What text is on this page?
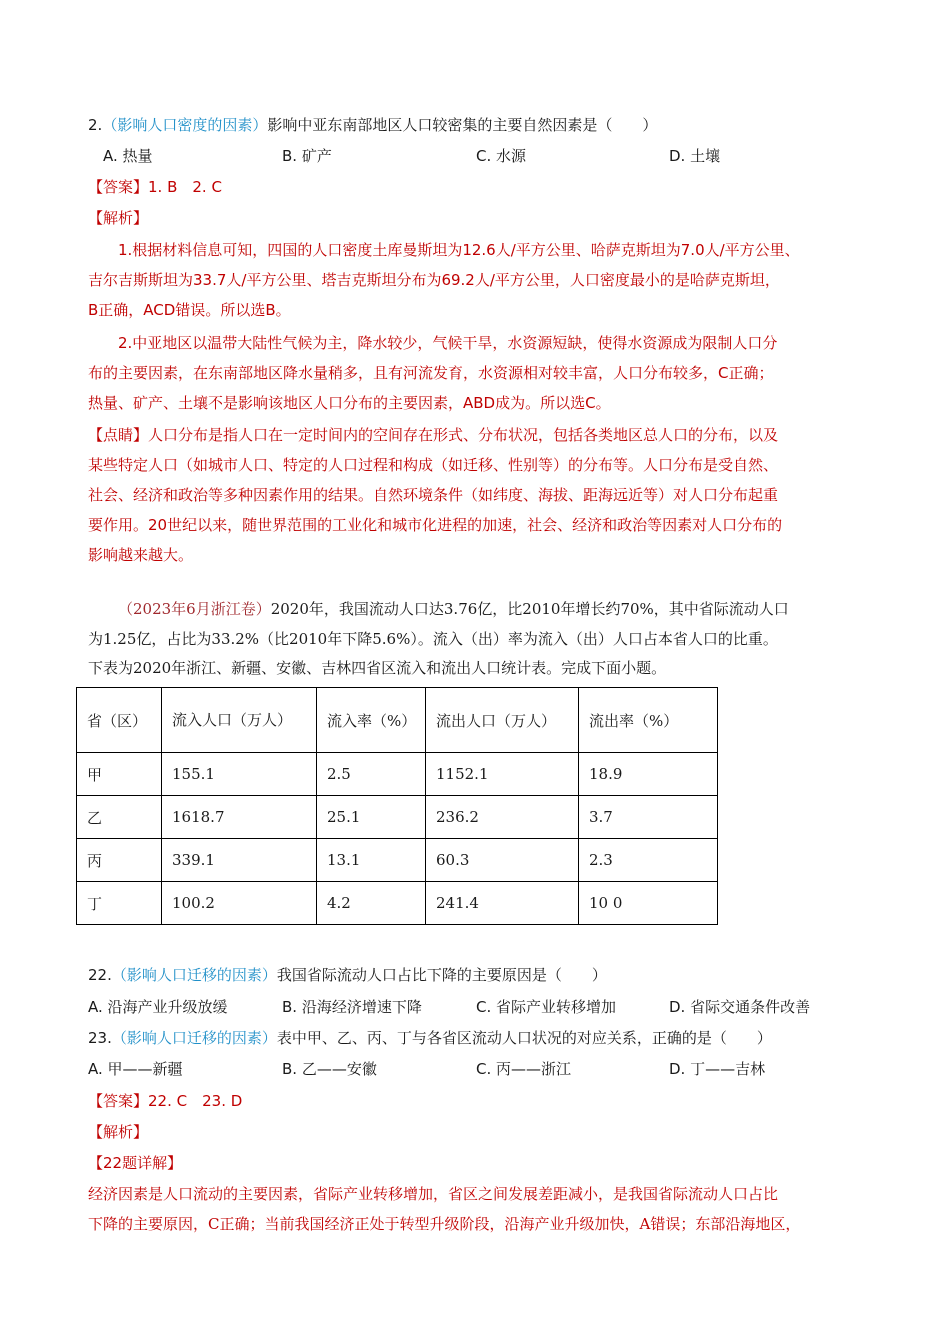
2.（影响人口密度的因素）影响中亚东南部地区人口较密集的主要自然因素是（　　）
A. 热量	B. 矿产	C. 水源	D. 土壤
【答案】1. B　2. C
【解析】
1.根据材料信息可知，四国的人口密度土库曼斯坦为12.6人/平方公里、哈萨克斯坦为7.0人/平方公里、
吉尔吉斯斯坦为33.7人/平方公里、塔吉克斯坦分布为69.2人/平方公里，人口密度最小的是哈萨克斯坦，
B正确，ACD错误。所以选B。
2.中亚地区以温带大陆性气候为主，降水较少，气候干旱，水资源短缺，使得水资源成为限制人口分
布的主要因素，在东南部地区降水量稍多，且有河流发育，水资源相对较丰富，人口分布较多，C正确；
热量、矿产、土壤不是影响该地区人口分布的主要因素，ABD成为。所以选C。
【点睛】人口分布是指人口在一定时间内的空间存在形式、分布状况，包括各类地区总人口的分布，以及
某些特定人口（如城市人口、特定的人口过程和构成（如迁移、性别等）的分布等。人口分布是受自然、
社会、经济和政治等多种因素作用的结果。自然环境条件（如纬度、海拔、距海远近等）对人口分布起重
要作用。20世纪以来，随世界范围的工业化和城市化进程的加速，社会、经济和政治等因素对人口分布的
影响越来越大。
（2023年6月浙江卷）2020年，我国流动人口达3.76亿，比2010年增长约70%，其中省际流动人口
为1.25亿，占比为33.2%（比2010年下降5.6%）。流入（出）率为流入（出）人口占本省人口的比重。
下表为2020年浙江、新疆、安徽、吉林四省区流入和流出人口统计表。完成下面小题。
省（区）	流入人口（万人）	流入率（%）	流出人口（万人）	流出率（%）
甲	155.1	2.5	1152.1	18.9
乙	1618.7	25.1	236.2	3.7
丙	339.1	13.1	60.3	2.3
丁	100.2	4.2	241.4	10 0
22.（影响人口迁移的因素）我国省际流动人口占比下降的主要原因是（　　）
A. 沿海产业升级放缓	B. 沿海经济增速下降	C. 省际产业转移增加	D. 省际交通条件改善
23.（影响人口迁移的因素）表中甲、乙、丙、丁与各省区流动人口状况的对应关系，正确的是（　　）
A. 甲——新疆	B. 乙——安徽	C. 丙——浙江	D. 丁——吉林
【答案】22. C　23. D
【解析】
【22题详解】
经济因素是人口流动的主要因素，省际产业转移增加，省区之间发展差距减小，是我国省际流动人口占比
下降的主要原因，C正确；当前我国经济正处于转型升级阶段，沿海产业升级加快，A错误；东部沿海地区，
